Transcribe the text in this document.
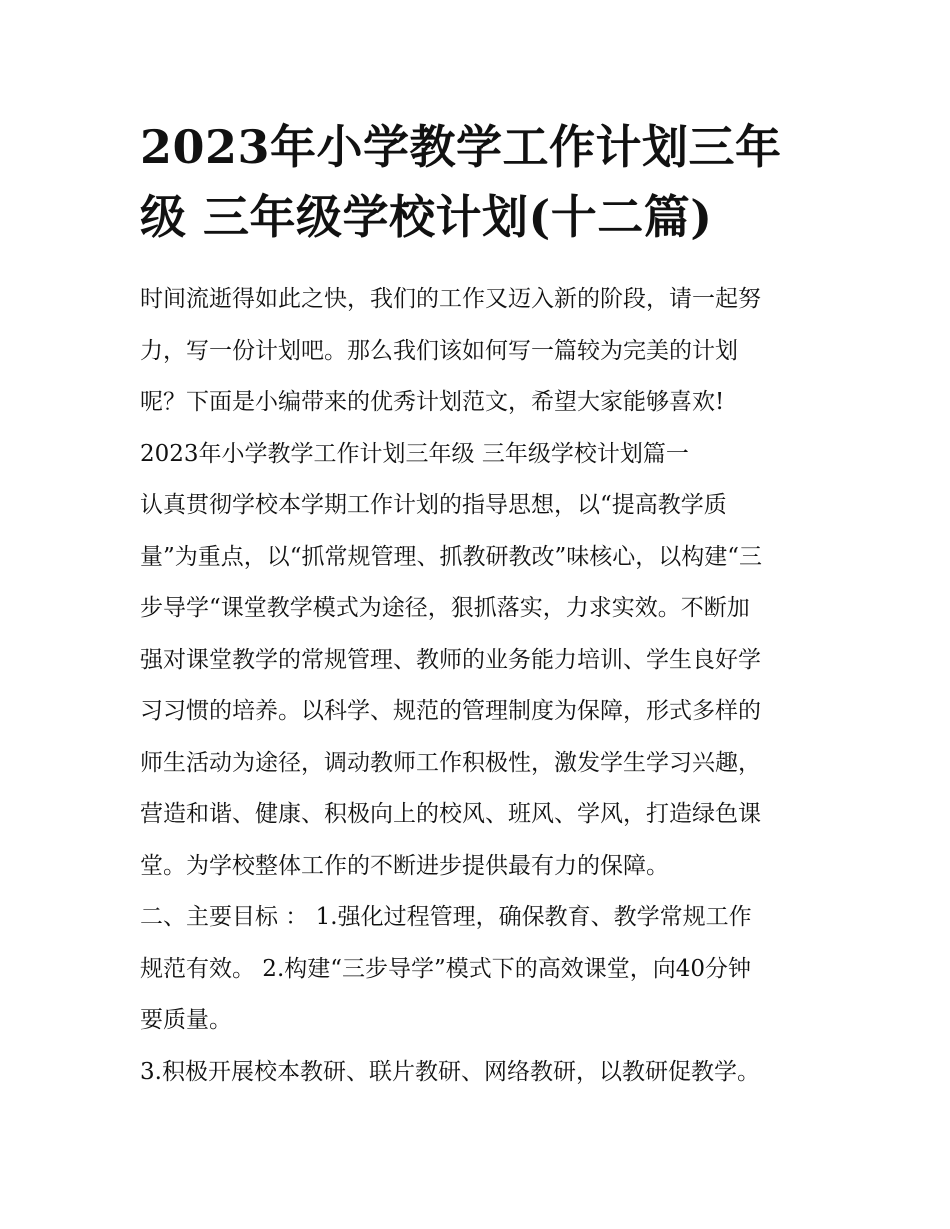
2023年小学教学工作计划三年
级 三年级学校计划(十二篇)
时间流逝得如此之快，我们的工作又迈入新的阶段，请一起努
力，写一份计划吧。那么我们该如何写一篇较为完美的计划
呢？下面是小编带来的优秀计划范文，希望大家能够喜欢!
2023年小学教学工作计划三年级 三年级学校计划篇一
认真贯彻学校本学期工作计划的指导思想，以“提高教学质
量”为重点，以“抓常规管理、抓教研教改”味核心，以构建“三
步导学“课堂教学模式为途径，狠抓落实，力求实效。不断加
强对课堂教学的常规管理、教师的业务能力培训、学生良好学
习习惯的培养。以科学、规范的管理制度为保障，形式多样的
师生活动为途径，调动教师工作积极性，激发学生学习兴趣，
营造和谐、健康、积极向上的校风、班风、学风，打造绿色课
堂。为学校整体工作的不断进步提供最有力的保障。
二、主要目标 ： 1.强化过程管理，确保教育、教学常规工作
规范有效。 2.构建“三步导学”模式下的高效课堂，向40分钟
要质量。
3.积极开展校本教研、联片教研、网络教研，以教研促教学。
